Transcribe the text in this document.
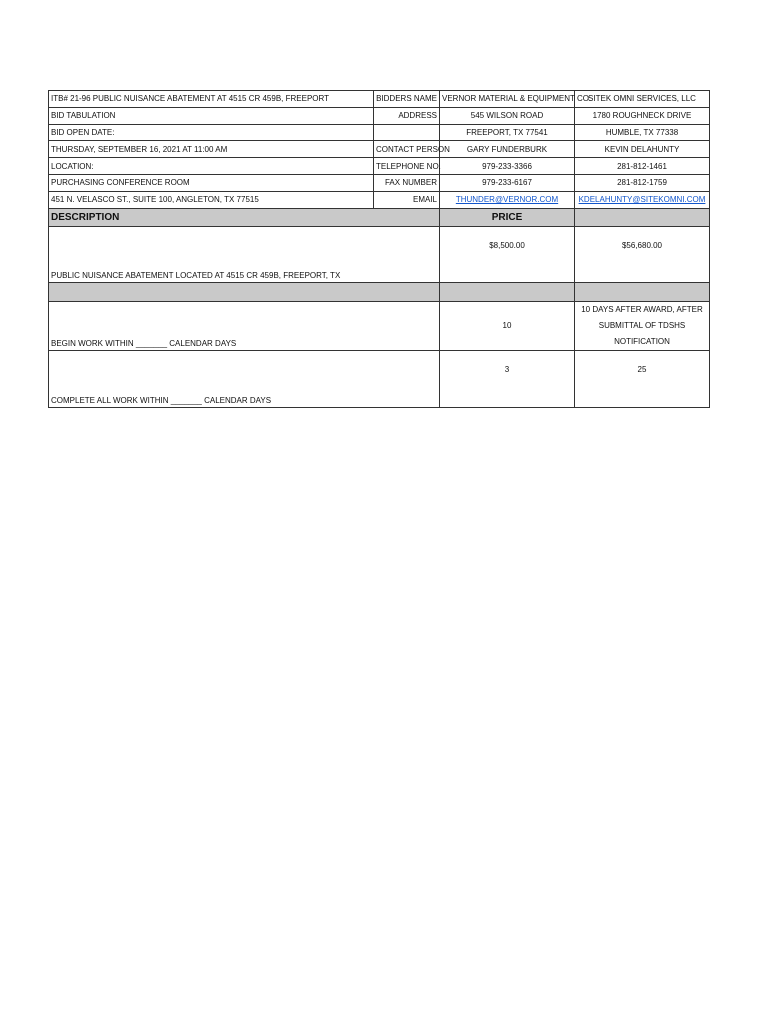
ITB# 21-96 PUBLIC NUISANCE ABATEMENT AT 4515 CR 459B, FREEPORT	BIDDERS NAME	VERNOR MATERIAL & EQUIPMENT CO.	SITEK OMNI SERVICES, LLC
BID TABULATION	ADDRESS	545 WILSON ROAD	1780 ROUGHNECK DRIVE
BID OPEN DATE:		FREEPORT, TX 77541	HUMBLE, TX 77338
THURSDAY, SEPTEMBER 16, 2021 AT 11:00 AM	CONTACT PERSON	GARY FUNDERBURK	KEVIN DELAHUNTY
LOCATION:	TELEPHONE NO.	979-233-3366	281-812-1461
PURCHASING CONFERENCE ROOM	FAX NUMBER	979-233-6167	281-812-1759
451 N. VELASCO ST., SUITE 100, ANGLETON, TX 77515	EMAIL	THUNDER@VERNOR.COM	KDELAHUNTY@SITEKOMNI.COM
DESCRIPTION		PRICE	
PUBLIC NUISANCE ABATEMENT LOCATED AT 4515 CR 459B, FREEPORT, TX		$8,500.00	$56,680.00

BEGIN WORK WITHIN _______ CALENDAR DAYS		10	10 DAYS AFTER AWARD, AFTER SUBMITTAL OF TDSHS NOTIFICATION
COMPLETE ALL WORK WITHIN _______ CALENDAR DAYS		3	25
